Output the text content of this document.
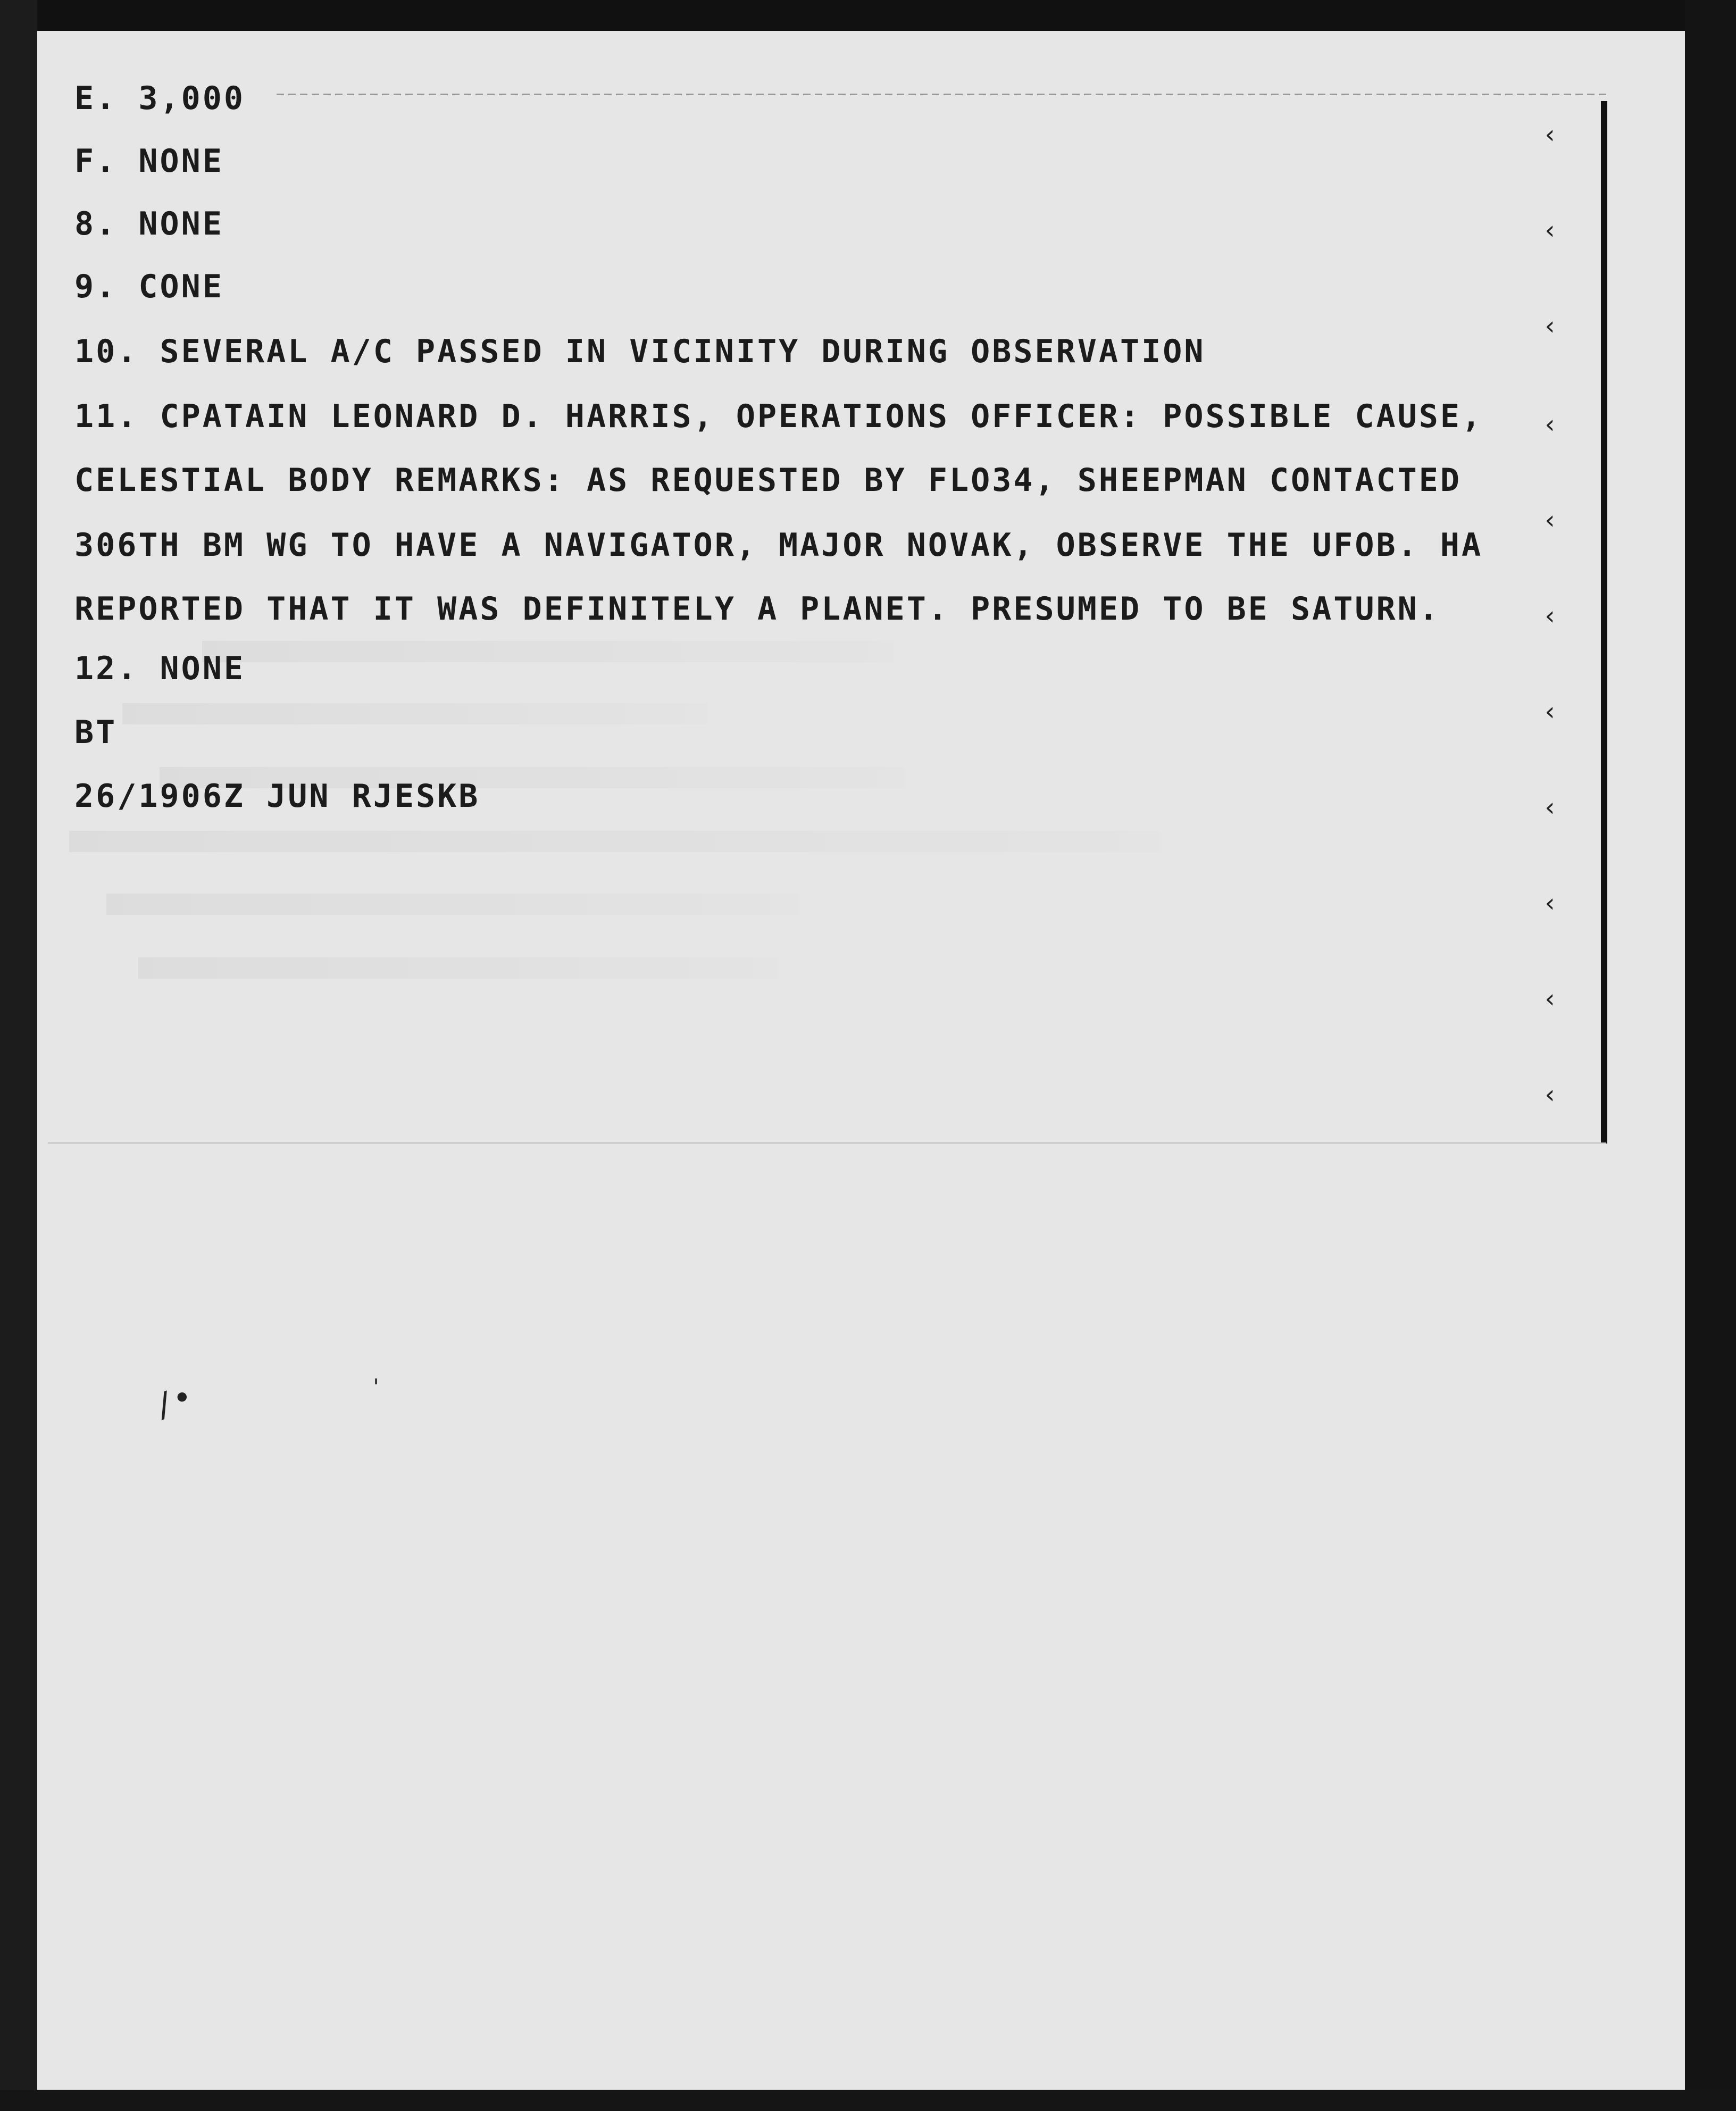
E. 3,000
F. NONE
8. NONE
9. CONE
10. SEVERAL A/C PASSED IN VICINITY DURING OBSERVATION
11. CPATAIN LEONARD D. HARRIS, OPERATIONS OFFICER: POSSIBLE CAUSE,
CELESTIAL BODY REMARKS: AS REQUESTED BY FLO34, SHEEPMAN CONTACTED
306TH BM WG TO HAVE A NAVIGATOR, MAJOR NOVAK, OBSERVE THE UFOB. HA
REPORTED THAT IT WAS DEFINITELY A PLANET. PRESUMED TO BE SATURN.
12. NONE
BT
26/1906Z JUN RJESKB
‹
‹
‹
‹
‹
‹
‹
‹
‹
‹
‹
/•	'
